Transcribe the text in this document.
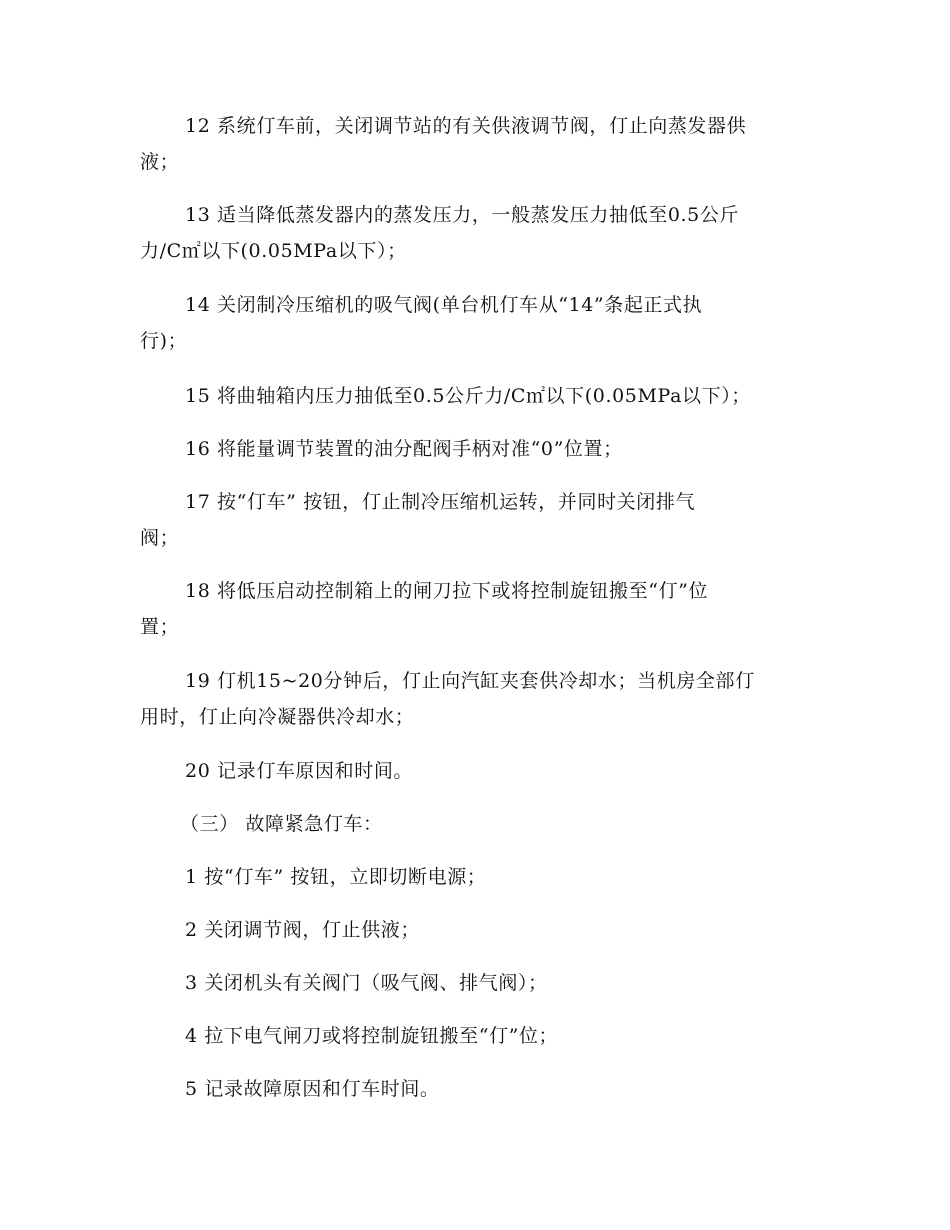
12 系统仃车前，关闭调节站的有关供液调节阀，仃止向蒸发器供
液；
13 适当降低蒸发器内的蒸发压力，一般蒸发压力抽低至0.5公斤
力/C㎡以下(0.05MPa以下）；
14 关闭制冷压缩机的吸气阀(单台机仃车从“14”条起正式执
行)；
15 将曲轴箱内压力抽低至0.5公斤力/C㎡以下(0.05MPa以下）；
16 将能量调节装置的油分配阀手柄对准“0”位置；
17 按“仃车” 按钮，仃止制冷压缩机运转，并同时关闭排气
阀；
18 将低压启动控制箱上的闸刀拉下或将控制旋钮搬至“仃”位
置；
19 仃机15~20分钟后，仃止向汽缸夹套供冷却水；当机房全部仃
用时，仃止向冷凝器供冷却水；
20 记录仃车原因和时间。
（三） 故障紧急仃车：
1 按“仃车” 按钮，立即切断电源；
2 关闭调节阀，仃止供液；
3 关闭机头有关阀门（吸气阀、排气阀）；
4 拉下电气闸刀或将控制旋钮搬至“仃”位；
5 记录故障原因和仃车时间。
